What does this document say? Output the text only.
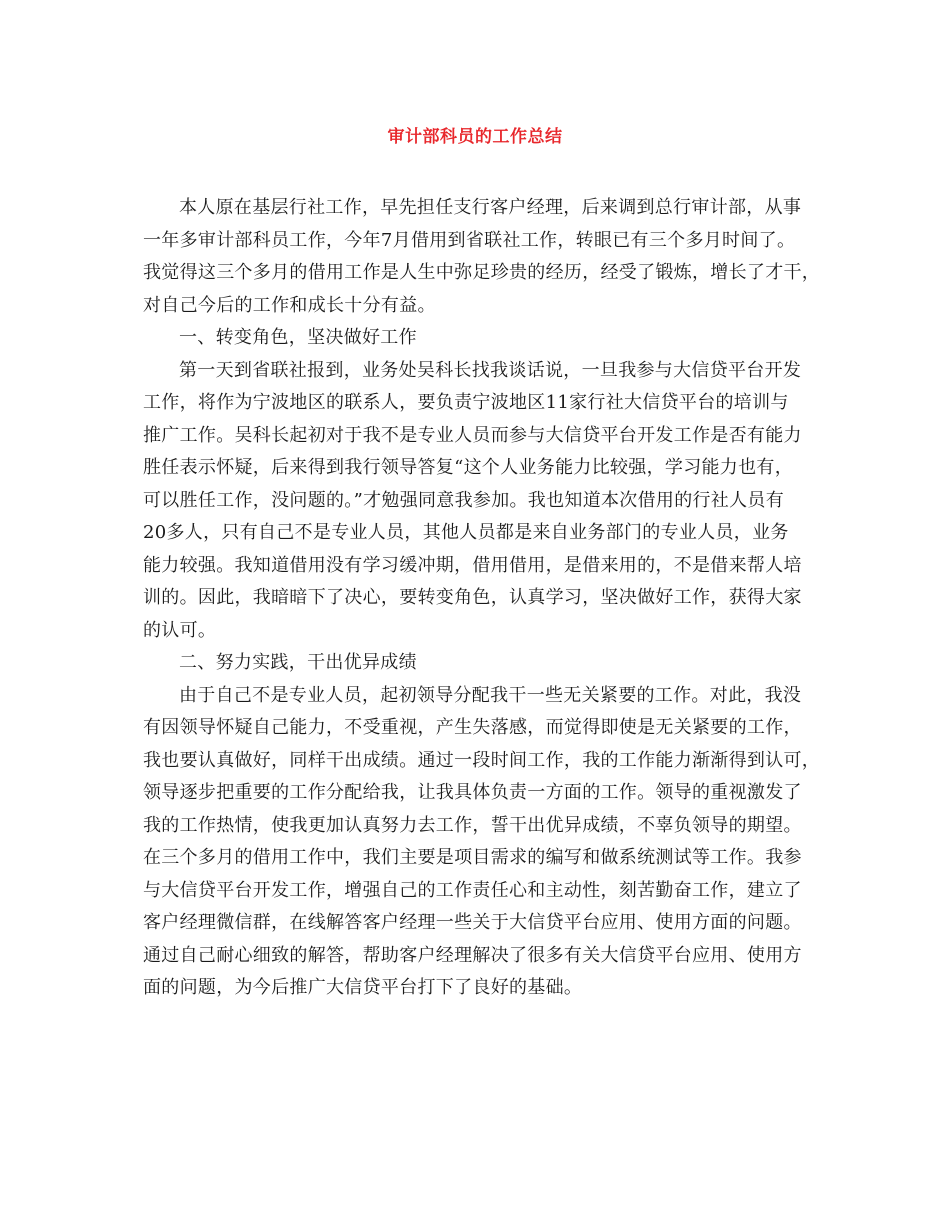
审计部科员的工作总结
本人原在基层行社工作，早先担任支行客户经理，后来调到总行审计部，从事
一年多审计部科员工作，今年7月借用到省联社工作，转眼已有三个多月时间了。
我觉得这三个多月的借用工作是人生中弥足珍贵的经历，经受了锻炼，增长了才干，
对自己今后的工作和成长十分有益。
一、转变角色，坚决做好工作
第一天到省联社报到，业务处吴科长找我谈话说，一旦我参与大信贷平台开发
工作，将作为宁波地区的联系人，要负责宁波地区11家行社大信贷平台的培训与
推广工作。吴科长起初对于我不是专业人员而参与大信贷平台开发工作是否有能力
胜任表示怀疑，后来得到我行领导答复“这个人业务能力比较强，学习能力也有，
可以胜任工作，没问题的。”才勉强同意我参加。我也知道本次借用的行社人员有
20多人，只有自己不是专业人员，其他人员都是来自业务部门的专业人员，业务
能力较强。我知道借用没有学习缓冲期，借用借用，是借来用的，不是借来帮人培
训的。因此，我暗暗下了决心，要转变角色，认真学习，坚决做好工作，获得大家
的认可。
二、努力实践，干出优异成绩
由于自己不是专业人员，起初领导分配我干一些无关紧要的工作。对此，我没
有因领导怀疑自己能力，不受重视，产生失落感，而觉得即使是无关紧要的工作，
我也要认真做好，同样干出成绩。通过一段时间工作，我的工作能力渐渐得到认可，
领导逐步把重要的工作分配给我，让我具体负责一方面的工作。领导的重视激发了
我的工作热情，使我更加认真努力去工作，誓干出优异成绩，不辜负领导的期望。
在三个多月的借用工作中，我们主要是项目需求的编写和做系统测试等工作。我参
与大信贷平台开发工作，增强自己的工作责任心和主动性，刻苦勤奋工作，建立了
客户经理微信群，在线解答客户经理一些关于大信贷平台应用、使用方面的问题。
通过自己耐心细致的解答，帮助客户经理解决了很多有关大信贷平台应用、使用方
面的问题，为今后推广大信贷平台打下了良好的基础。
